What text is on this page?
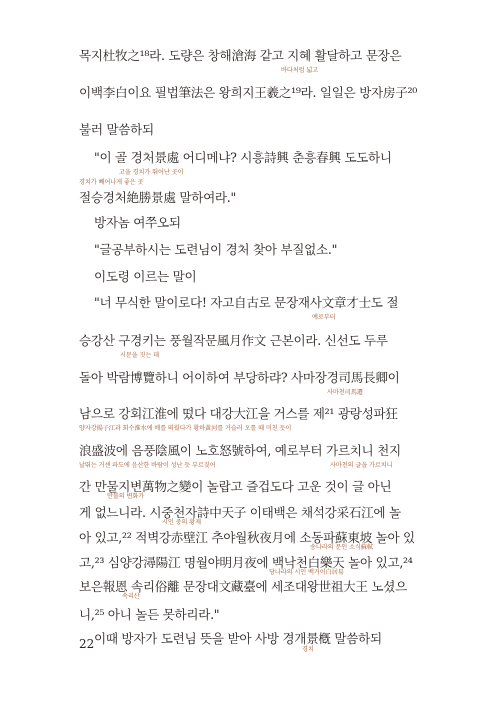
목지杜牧之¹⁸라. 도량은 창해滄海 같고 지혜 활달하고 문장은
이백李白이요 필법筆法은 왕희지王羲之¹⁹라. 일일은 방자房子²⁰
불러 말씀하되
"이 골 경처景處 어디메냐? 시흥詩興 춘흥春興 도도하니
절승경처絶勝景處 말하여라."
방자놈 여쭈오되
"글공부하시는 도련님이 경처 찾아 부질없소."
이도령 이르는 말이
"너 무식한 말이로다! 자고自古로 문장재사文章才士도 절
승강산 구경키는 풍월작문風月作文 근본이라. 신선도 두루
돌아 박람博覽하니 어이하여 부당하랴? 사마장경司馬長卿이
남으로 강회江淮에 떴다 대강大江을 거스를 제²¹ 광랑성파狂
浪盛波에 음풍陰風이 노호怒號하여, 예로부터 가르치니 천지
간 만물지변萬物之變이 놀랍고 즐겁도다 고운 것이 글 아닌
게 없느니라. 시중천자詩中天子 이태백은 채석강采石江에 놀
아 있고,²² 적벽강赤壁江 추야월秋夜月에 소동파蘇東坡 놀아 있
고,²³ 심양강潯陽江 명월야明月夜에 백낙천白樂天 놀아 있고,²⁴
보은報恩 속리俗離 문장대文藏臺에 세조대왕世祖大王 노셨으
니,²⁵ 아니 놀든 못하리라."
이때 방자가 도련님 뜻을 받아 사방 경개景槪 말씀하되
바다처럼 넓고
고을 경치가 뛰어난 곳이
경치가 빼어나게 좋은 곳
예로부터
시문을 짓는 데
사마천司馬遷
양자강揚子江과 회수淮水에 배를 띄웠다가 황하黃河를 거슬러 오를 때 미친 듯이
날뛰는 거센 파도에 음산한 바람이 성난 듯 부르짖어	사마천의 글을 가르치니
만물의 변화가
시인 중의 황제
송나라의 문인 소식蘇軾
당나라의 시인 백거이白居易
속리산
경치
22
